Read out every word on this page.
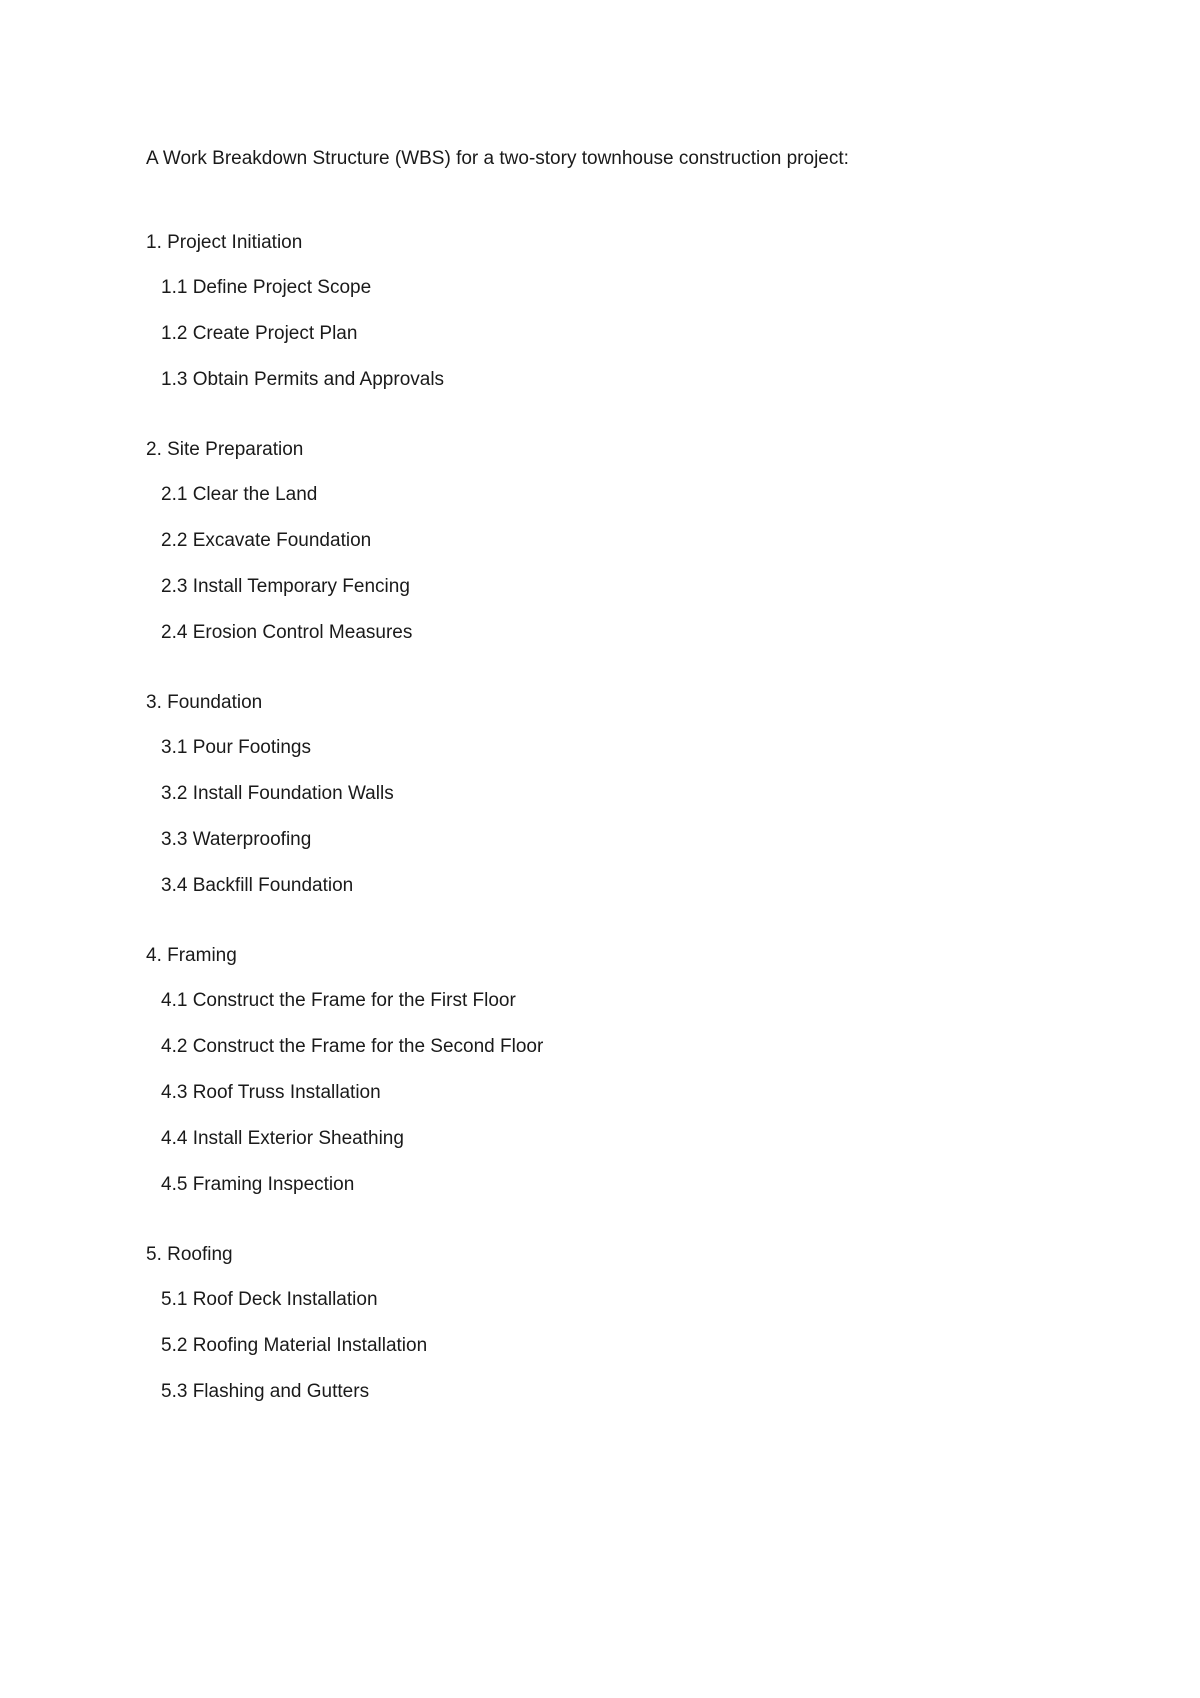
A Work Breakdown Structure (WBS) for a two-story townhouse construction project:

1. Project Initiation

1.1 Define Project Scope
1.2 Create Project Plan
1.3 Obtain Permits and Approvals

2. Site Preparation

2.1 Clear the Land
2.2 Excavate Foundation
2.3 Install Temporary Fencing
2.4 Erosion Control Measures

3. Foundation

3.1 Pour Footings
3.2 Install Foundation Walls
3.3 Waterproofing
3.4 Backfill Foundation

4. Framing

4.1 Construct the Frame for the First Floor
4.2 Construct the Frame for the Second Floor
4.3 Roof Truss Installation
4.4 Install Exterior Sheathing
4.5 Framing Inspection

5. Roofing

5.1 Roof Deck Installation
5.2 Roofing Material Installation
5.3 Flashing and Gutters
